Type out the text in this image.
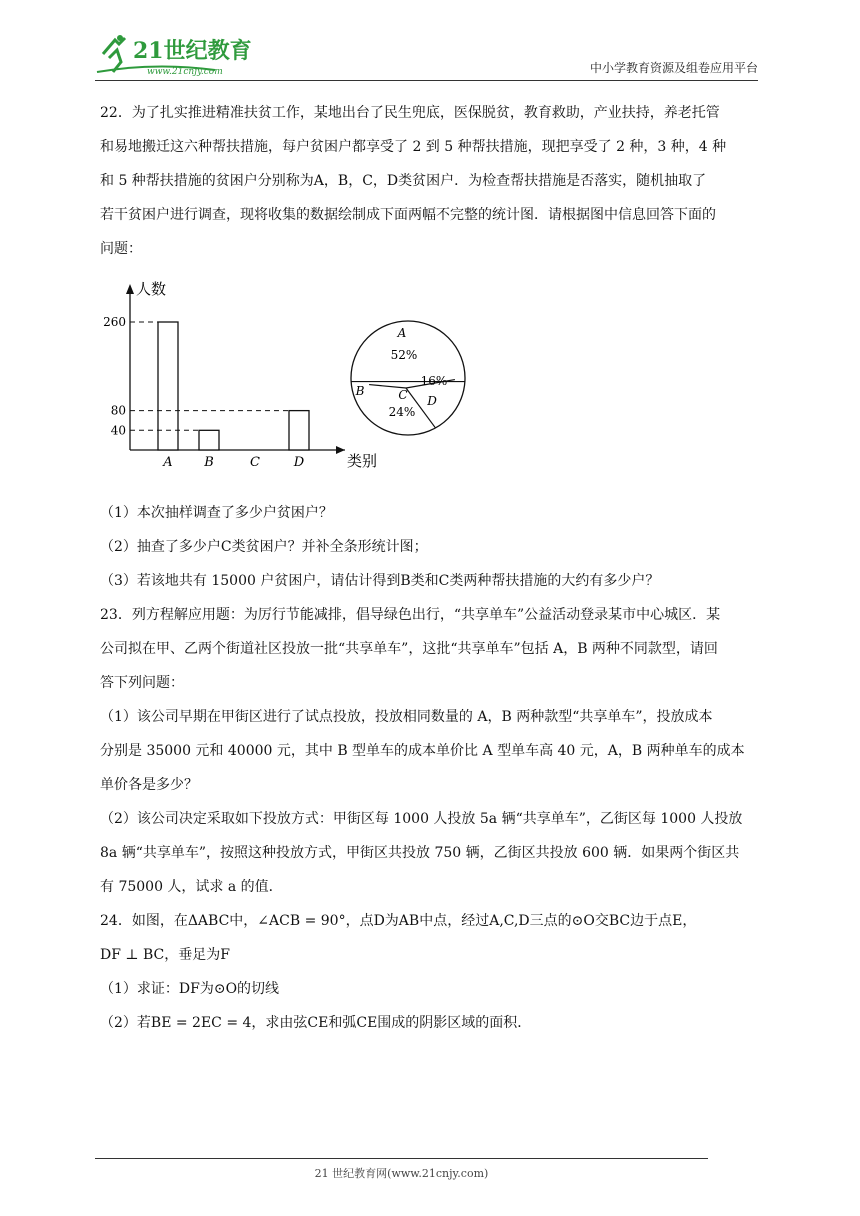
21世纪教育
www.21cnjy.com	中小学教育资源及组卷应用平台

22．为了扎实推进精准扶贫工作，某地出台了民生兜底，医保脱贫，教育救助，产业扶持，养老托管

和易地搬迁这六种帮扶措施，每户贫困户都享受了 2 到 5 种帮扶措施，现把享受了 2 种，3 种，4 种

和 5 种帮扶措施的贫困户分别称为A，B，C，D类贫困户．为检查帮扶措施是否落实，随机抽取了

若干贫困户进行调查，现将收集的数据绘制成下面两幅不完整的统计图．请根据图中信息回答下面的

问题：

人数
类别
40
80
260
A B	C	D
A
52%
D
16%
C
24%
B

（1）本次抽样调查了多少户贫困户？

（2）抽查了多少户C类贫困户？并补全条形统计图；

（3）若该地共有 15000 户贫困户，请估计得到B类和C类两种帮扶措施的大约有多少户？

23．列方程解应用题：为厉行节能减排，倡导绿色出行，“共享单车”公益活动登录某市中心城区．某

公司拟在甲、乙两个街道社区投放一批“共享单车”，这批“共享单车”包括 A，B 两种不同款型，请回

答下列问题：

（1）该公司早期在甲街区进行了试点投放，投放相同数量的 A，B 两种款型“共享单车”，投放成本

分别是 35000 元和 40000 元，其中 B 型单车的成本单价比 A 型单车高 40 元，A，B 两种单车的成本

单价各是多少？

（2）该公司决定采取如下投放方式：甲街区每 1000 人投放 5a 辆“共享单车”，乙街区每 1000 人投放

8a 辆“共享单车”，按照这种投放方式，甲街区共投放 750 辆，乙街区共投放 600 辆．如果两个街区共

有 75000 人，试求 a 的值．

24．如图，在ΔABC中，∠ACB = 90°，点D为AB中点，经过A,C,D三点的⊙O交BC边于点E，

DF ⊥ BC，垂足为F

（1）求证：DF为⊙O的切线

（2）若BE = 2EC = 4，求由弦CE和弧CE围成的阴影区域的面积．

21 世纪教育网(www.21cnjy.com)
